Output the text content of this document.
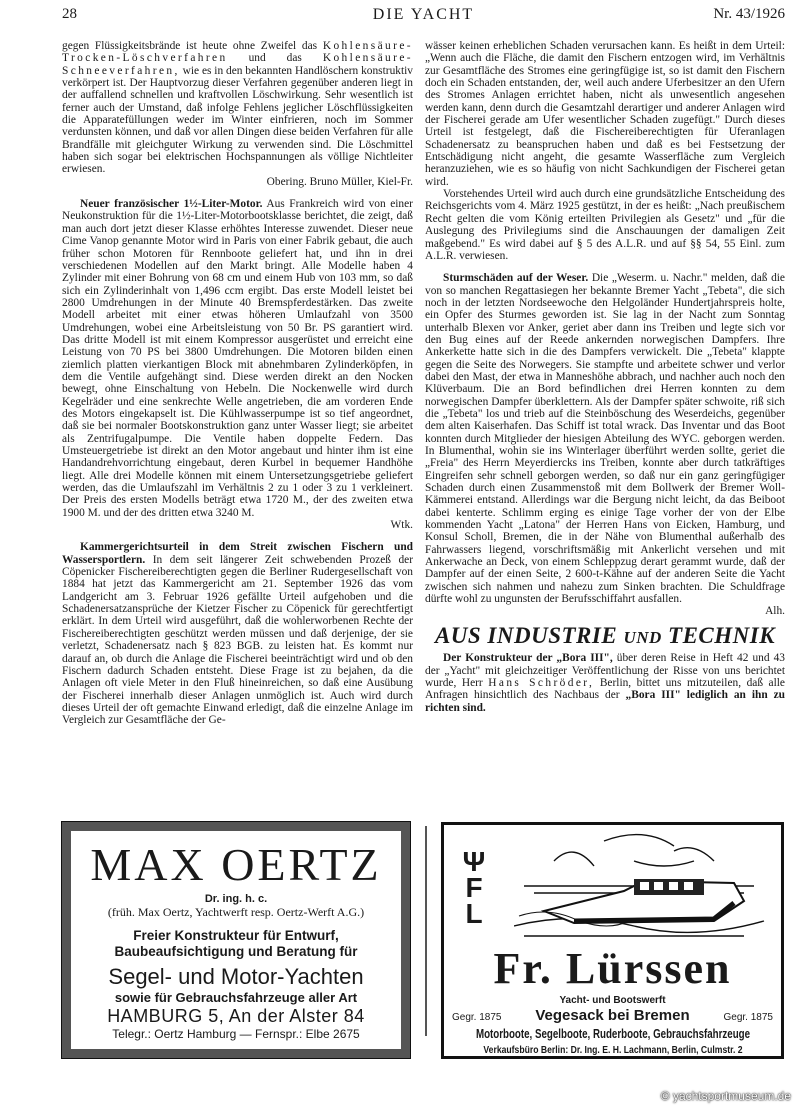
28	DIE YACHT	Nr. 43/1926

gegen Flüssigkeitsbrände ist heute ohne Zweifel das Kohlensäure-Trocken-Löschverfahren und das Kohlensäure-Schneeverfahren, wie es in den bekannten Handlöschern konstruktiv verkörpert ist. Der Hauptvorzug dieser Verfahren gegenüber anderen liegt in der auffallend schnellen und kraftvollen Löschwirkung. Sehr wesentlich ist ferner auch der Umstand, daß infolge Fehlens jeglicher Löschflüssigkeiten die Apparatefüllungen weder im Winter einfrieren, noch im Sommer verdunsten können, und daß vor allen Dingen diese beiden Verfahren für alle Brandfälle mit gleichguter Wirkung zu verwenden sind. Die Löschmittel haben sich sogar bei elektrischen Hochspannungen als völlige Nichtleiter erwiesen.
Obering. Bruno Müller, Kiel-Fr.

Neuer französischer 1½-Liter-Motor. Aus Frankreich wird von einer Neukonstruktion für die 1½-Liter-Motorbootsklasse berichtet, die zeigt, daß man auch dort jetzt dieser Klasse erhöhtes Interesse zuwendet. Dieser neue Cime Vanop genannte Motor wird in Paris von einer Fabrik gebaut, die auch früher schon Motoren für Rennboote geliefert hat, und ihn in drei verschiedenen Modellen auf den Markt bringt. Alle Modelle haben 4 Zylinder mit einer Bohrung von 68 cm und einem Hub von 103 mm, so daß sich ein Zylinderinhalt von 1,496 ccm ergibt. Das erste Modell leistet bei 2800 Umdrehungen in der Minute 40 Bremspferdestärken. Das zweite Modell arbeitet mit einer etwas höheren Umlaufzahl von 3500 Umdrehungen, wobei eine Arbeitsleistung von 50 Br. PS garantiert wird. Das dritte Modell ist mit einem Kompressor ausgerüstet und erreicht eine Leistung von 70 PS bei 3800 Umdrehungen. Die Motoren bilden einen ziemlich platten vierkantigen Block mit abnehmbaren Zylinderköpfen, in dem die Ventile aufgehängt sind. Diese werden direkt an den Nocken bewegt, ohne Einschaltung von Hebeln. Die Nockenwelle wird durch Kegelräder und eine senkrechte Welle angetrieben, die am vorderen Ende des Motors eingekapselt ist. Die Kühlwasserpumpe ist so tief angeordnet, daß sie bei normaler Bootskonstruktion ganz unter Wasser liegt; sie arbeitet als Zentrifugalpumpe. Die Ventile haben doppelte Federn. Das Umsteuergetriebe ist direkt an den Motor angebaut und hinter ihm ist eine Handandrehvorrichtung eingebaut, deren Kurbel in bequemer Handhöhe liegt. Alle drei Modelle können mit einem Untersetzungsgetriebe geliefert werden, das die Umlaufszahl im Verhältnis 2 zu 1 oder 3 zu 1 verkleinert. Der Preis des ersten Modells beträgt etwa 1720 M., der des zweiten etwa 1900 M. und der des dritten etwa 3240 M.
Wtk.

Kammergerichtsurteil in dem Streit zwischen Fischern und Wassersportlern. In dem seit längerer Zeit schwebenden Prozeß der Cöpenicker Fischereiberechtigten gegen die Berliner Rudergesellschaft von 1884 hat jetzt das Kammergericht am 21. September 1926 das vom Landgericht am 3. Februar 1926 gefällte Urteil aufgehoben und die Schadenersatzansprüche der Kietzer Fischer zu Cöpenick für gerechtfertigt erklärt. In dem Urteil wird ausgeführt, daß die wohlerworbenen Rechte der Fischereiberechtigten geschützt werden müssen und daß derjenige, der sie verletzt, Schadenersatz nach § 823 BGB. zu leisten hat. Es kommt nur darauf an, ob durch die Anlage die Fischerei beeinträchtigt wird und ob den Fischern dadurch Schaden entsteht. Diese Frage ist zu bejahen, da die Anlagen oft viele Meter in den Fluß hineinreichen, so daß eine Ausübung der Fischerei innerhalb dieser Anlagen unmöglich ist. Auch wird durch dieses Urteil der oft gemachte Einwand erledigt, daß die einzelne Anlage im Vergleich zur Gesamtfläche der Ge-

wässer keinen erheblichen Schaden verursachen kann. Es heißt in dem Urteil: „Wenn auch die Fläche, die damit den Fischern entzogen wird, im Verhältnis zur Gesamtfläche des Stromes eine geringfügige ist, so ist damit den Fischern doch ein Schaden entstanden, der, weil auch andere Uferbesitzer an den Ufern des Stromes Anlagen errichtet haben, nicht als unwesentlich angesehen werden kann, denn durch die Gesamtzahl derartiger und anderer Anlagen wird der Fischerei gerade am Ufer wesentlicher Schaden zugefügt." Durch dieses Urteil ist festgelegt, daß die Fischereiberechtigten für Uferanlagen Schadenersatz zu beanspruchen haben und daß es bei Festsetzung der Entschädigung nicht angeht, die gesamte Wasserfläche zum Vergleich heranzuziehen, wie es so häufig von nicht Sachkundigen der Fischerei getan wird.

Vorstehendes Urteil wird auch durch eine grundsätzliche Entscheidung des Reichsgerichts vom 4. März 1925 gestützt, in der es heißt: „Nach preußischem Recht gelten die vom König erteilten Privilegien als Gesetz" und „für die Auslegung des Privilegiums sind die Anschauungen der damaligen Zeit maßgebend." Es wird dabei auf § 5 des A.L.R. und auf §§ 54, 55 Einl. zum A.L.R. verwiesen.

Sturmschäden auf der Weser. Die „Weserm. u. Nachr." melden, daß die von so manchen Regattasiegen her bekannte Bremer Yacht „Tebeta", die sich noch in der letzten Nordseewoche den Helgoländer Hundertjahrspreis holte, ein Opfer des Sturmes geworden ist. Sie lag in der Nacht zum Sonntag unterhalb Blexen vor Anker, geriet aber dann ins Treiben und legte sich vor den Bug eines auf der Reede ankernden norwegischen Dampfers. Ihre Ankerkette hatte sich in die des Dampfers verwickelt. Die „Tebeta" klappte gegen die Seite des Norwegers. Sie stampfte und arbeitete schwer und verlor dabei den Mast, der etwa in Manneshöhe abbrach, und nachher auch noch den Klüverbaum. Die an Bord befindlichen drei Herren konnten zu dem norwegischen Dampfer überklettern. Als der Dampfer später schwoite, riß sich die „Tebeta" los und trieb auf die Steinböschung des Weserdeichs, gegenüber dem alten Kaiserhafen. Das Schiff ist total wrack. Das Inventar und das Boot konnten durch Mitglieder der hiesigen Abteilung des WYC. geborgen werden. In Blumenthal, wohin sie ins Winterlager überführt werden sollte, geriet die „Freia" des Herrn Meyerdiercks ins Treiben, konnte aber durch tatkräftiges Eingreifen sehr schnell geborgen werden, so daß nur ein ganz geringfügiger Schaden durch einen Zusammenstoß mit dem Bollwerk der Bremer Woll-Kämmerei entstand. Allerdings war die Bergung nicht leicht, da das Beiboot dabei kenterte. Schlimm erging es einige Tage vorher der von der Elbe kommenden Yacht „Latona" der Herren Hans von Eicken, Hamburg, und Konsul Scholl, Bremen, die in der Nähe von Blumenthal außerhalb des Fahrwassers liegend, vorschriftsmäßig mit Ankerlicht versehen und mit Ankerwache an Deck, von einem Schleppzug derart gerammt wurde, daß der Dampfer auf der einen Seite, 2 600-t-Kähne auf der anderen Seite die Yacht zwischen sich nahmen und nahezu zum Sinken brachten. Die Schuldfrage dürfte wohl zu ungunsten der Berufsschiffahrt ausfallen.
Alh.

AUS INDUSTRIE UND TECHNIK

Der Konstrukteur der „Bora III", über deren Reise in Heft 42 und 43 der „Yacht" mit gleichzeitiger Veröffentlichung der Risse von uns berichtet wurde, Herr Hans Schröder, Berlin, bittet uns mitzuteilen, daß alle Anfragen hinsichtlich des Nachbaus der „Bora III" lediglich an ihn zu richten sind.

MAX OERTZ
Dr. ing. h. c.
(früh. Max Oertz, Yachtwerft resp. Oertz-Werft A.G.)
Freier Konstrukteur für Entwurf, Baubeaufsichtigung und Beratung für
Segel- und Motor-Yachten
sowie für Gebrauchsfahrzeuge aller Art
HAMBURG 5, An der Alster 84
Telegr.: Oertz Hamburg — Fernspr.: Elbe 2675
Ψ
F
L
Fr. Lürssen
Yacht- und Bootswerft
Gegr. 1875 Vegesack bei Bremen	Gegr. 1875
Motorboote, Segelboote, Ruderboote, Gebrauchsfahrzeuge
Verkaufsbüro Berlin: Dr. Ing. E. H. Lachmann, Berlin, Culmstr. 2
© yachtsportmuseum.de
